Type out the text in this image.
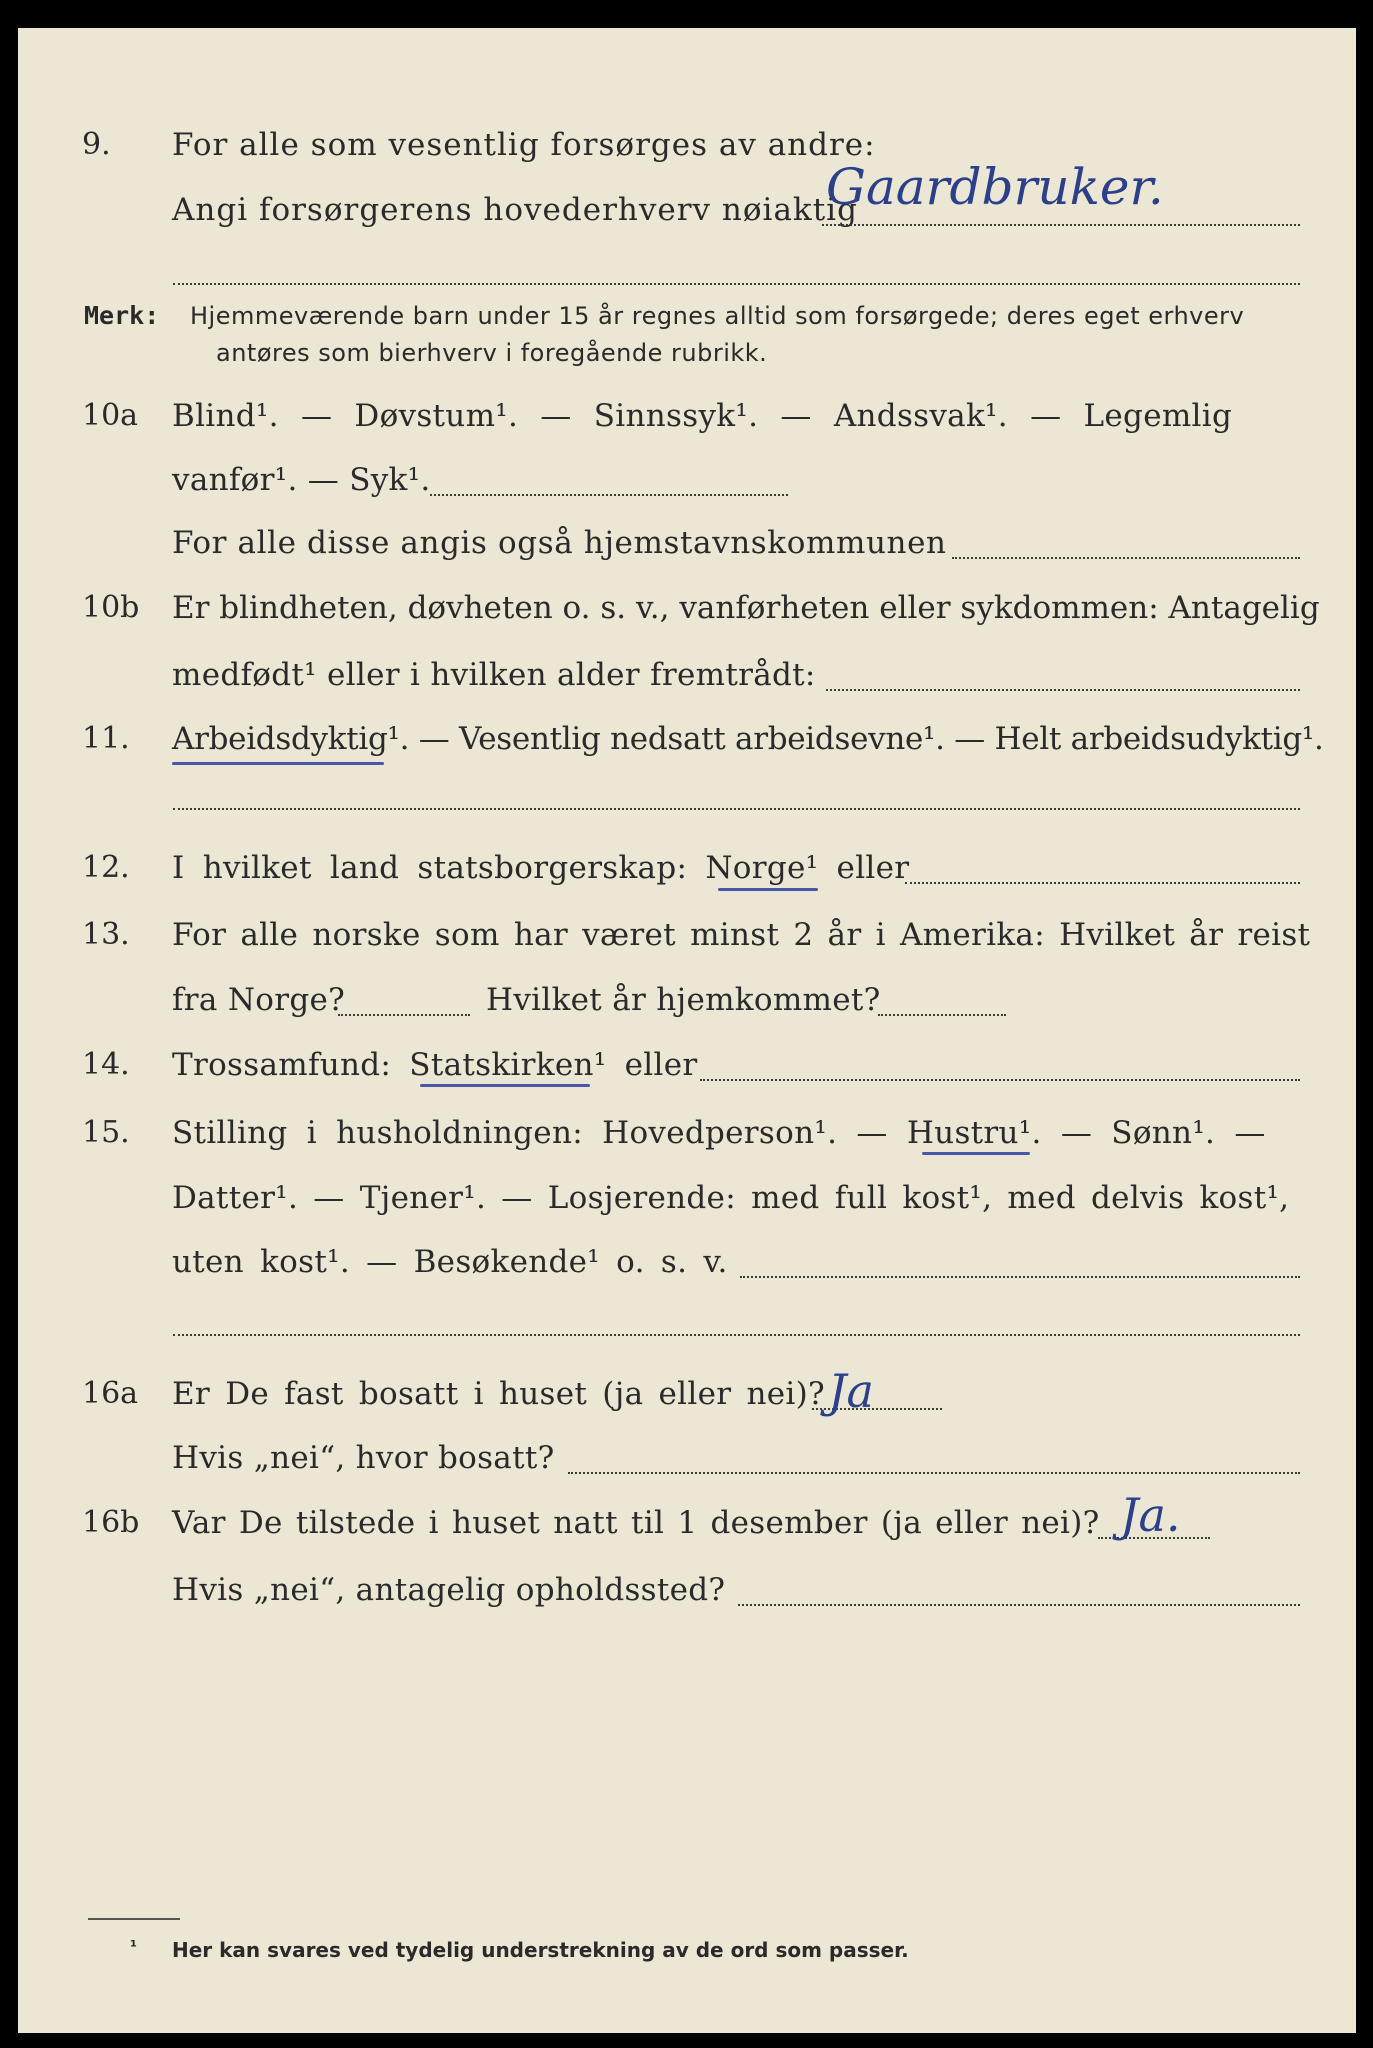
9. For alle som vesentlig forsørges av andre:
Angi forsørgerens hovederhverv nøiaktig
Gaardbruker.
Merk: Hjemmeværende barn under 15 år regnes alltid som forsørgede; deres eget erhverv
antøres som bierhverv i foregående rubrikk.
10a Blind¹. — Døvstum¹. — Sinnssyk¹. — Andssvak¹. — Legemlig
vanfør¹. — Syk¹.
For alle disse angis også hjemstavnskommunen
10b Er blindheten, døvheten o. s. v., vanførheten eller sykdommen: Antagelig
medfødt¹ eller i hvilken alder fremtrådt:
11. Arbeidsdyktig¹. — Vesentlig nedsatt arbeidsevne¹. — Helt arbeidsudyktig¹.
12. I hvilket land statsborgerskap: Norge¹ eller
13. For alle norske som har været minst 2 år i Amerika: Hvilket år reist
fra Norge?	Hvilket år hjemkommet?
14. Trossamfund: Statskirken¹ eller
15. Stilling i husholdningen: Hovedperson¹. — Hustru¹. — Sønn¹. —
Datter¹. — Tjener¹. — Losjerende: med full kost¹, med delvis kost¹,
uten kost¹. — Besøkende¹ o. s. v.
16a Er De fast bosatt i huset (ja eller nei)? Ja
Hvis „nei“, hvor bosatt?
16b Var De tilstede i huset natt til 1 desember (ja eller nei)? Ja.
Hvis „nei“, antagelig opholdssted?
¹ Her kan svares ved tydelig understrekning av de ord som passer.
